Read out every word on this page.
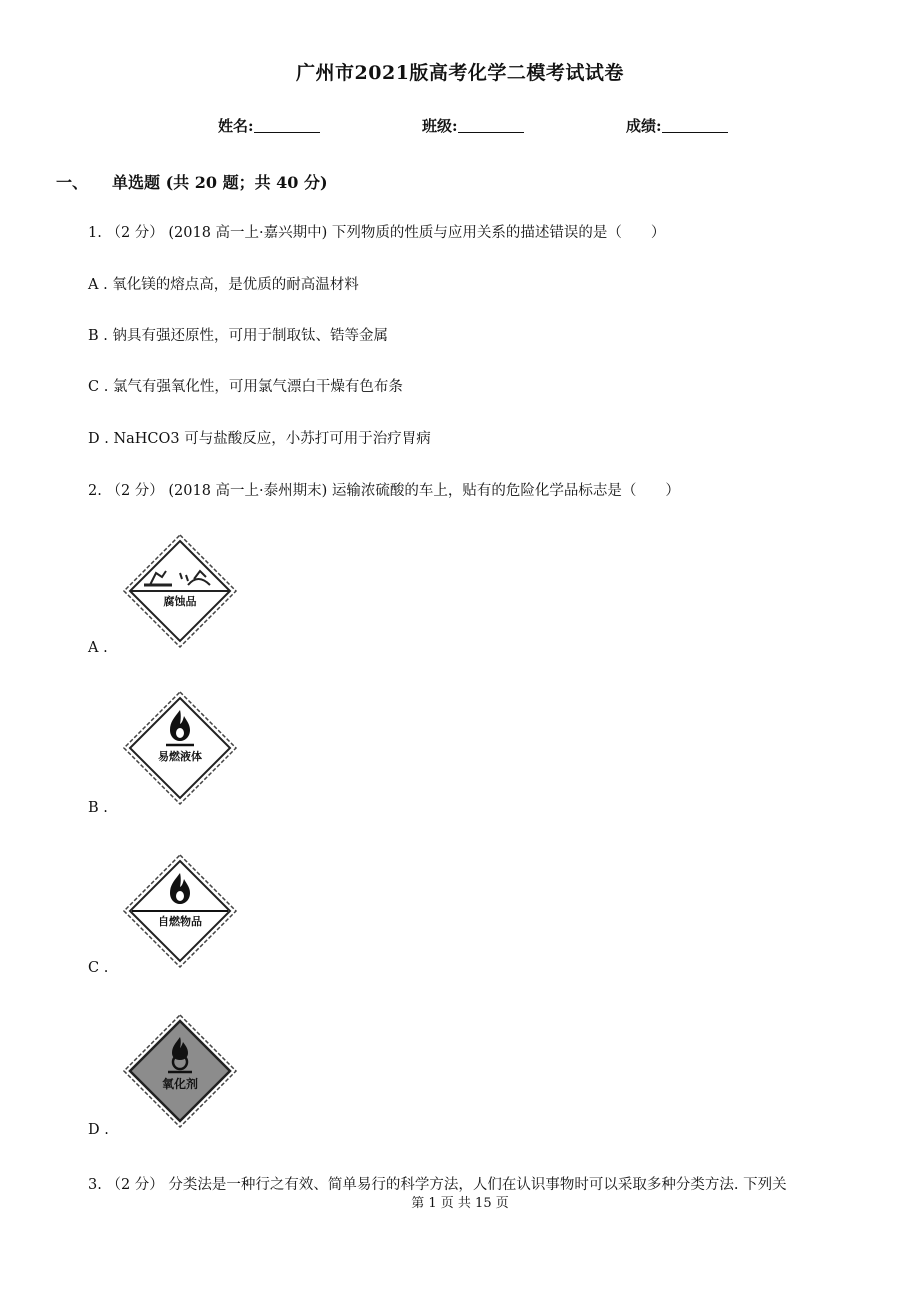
广州市2021版高考化学二模考试试卷
姓名:	班级:	成绩:
一、 单选题 (共 20 题；共 40 分)
1. （2 分） (2018 高一上·嘉兴期中) 下列物质的性质与应用关系的描述错误的是（　　）
A . 氧化镁的熔点高，是优质的耐高温材料
B . 钠具有强还原性，可用于制取钛、锆等金属
C . 氯气有强氧化性，可用氯气漂白干燥有色布条
D . NaHCO3 可与盐酸反应，小苏打可用于治疗胃病
2. （2 分） (2018 高一上·泰州期末) 运输浓硫酸的车上，贴有的危险化学品标志是（　　）
腐蚀品
A .
易燃液体
B .
自燃物品
C .
氧化剂
D .
3. （2 分） 分类法是一种行之有效、简单易行的科学方法，人们在认识事物时可以采取多种分类方法. 下列关
第 1 页 共 15 页
